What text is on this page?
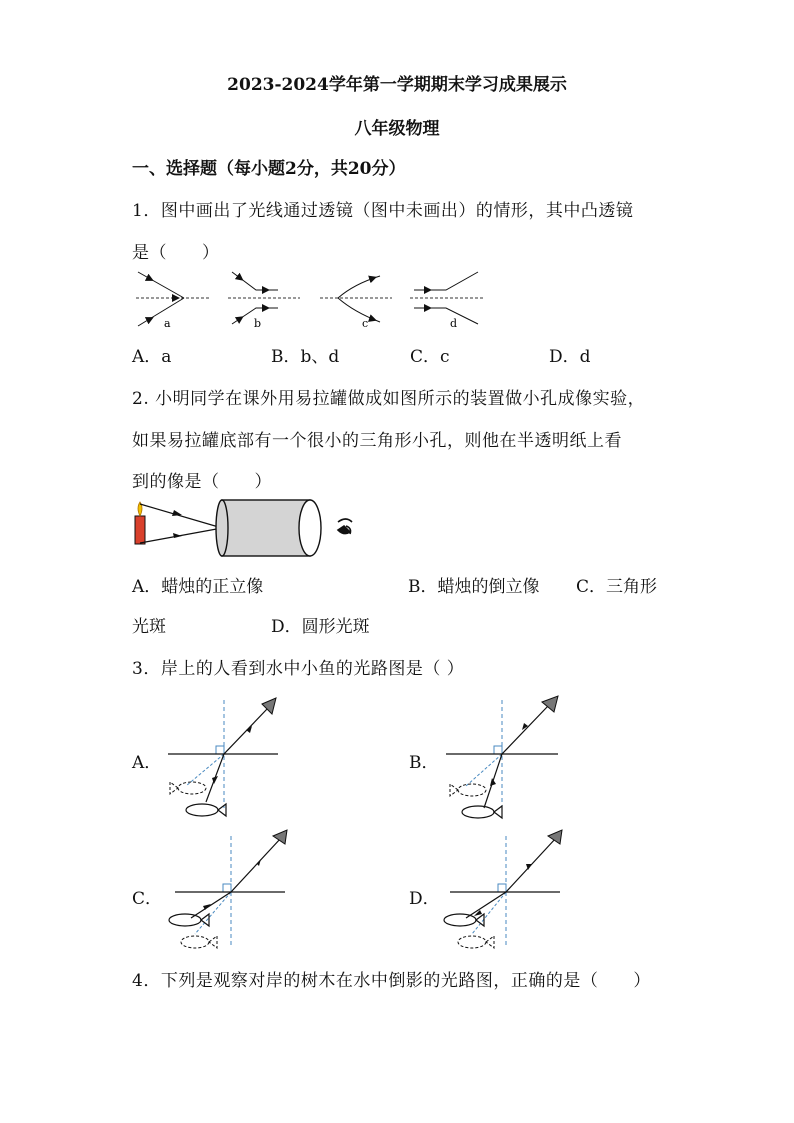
2023-2024学年第一学期期末学习成果展示
八年级物理
一、选择题（每小题2分，共20分）
1．图中画出了光线通过透镜（图中未画出）的情形，其中凸透镜
是（　　）
a	b	c	d
A．a	B．b、d	C．c	D．d
2. 小明同学在课外用易拉罐做成如图所示的装置做小孔成像实验，
如果易拉罐底部有一个很小的三角形小孔，则他在半透明纸上看
到的像是（　　）
A．蜡烛的正立像	B．蜡烛的倒立像 C．三角形
光斑	D．圆形光斑
3．岸上的人看到水中小鱼的光路图是（ ）
A．	B．
C．	D．
4．下列是观察对岸的树木在水中倒影的光路图，正确的是（　　）
